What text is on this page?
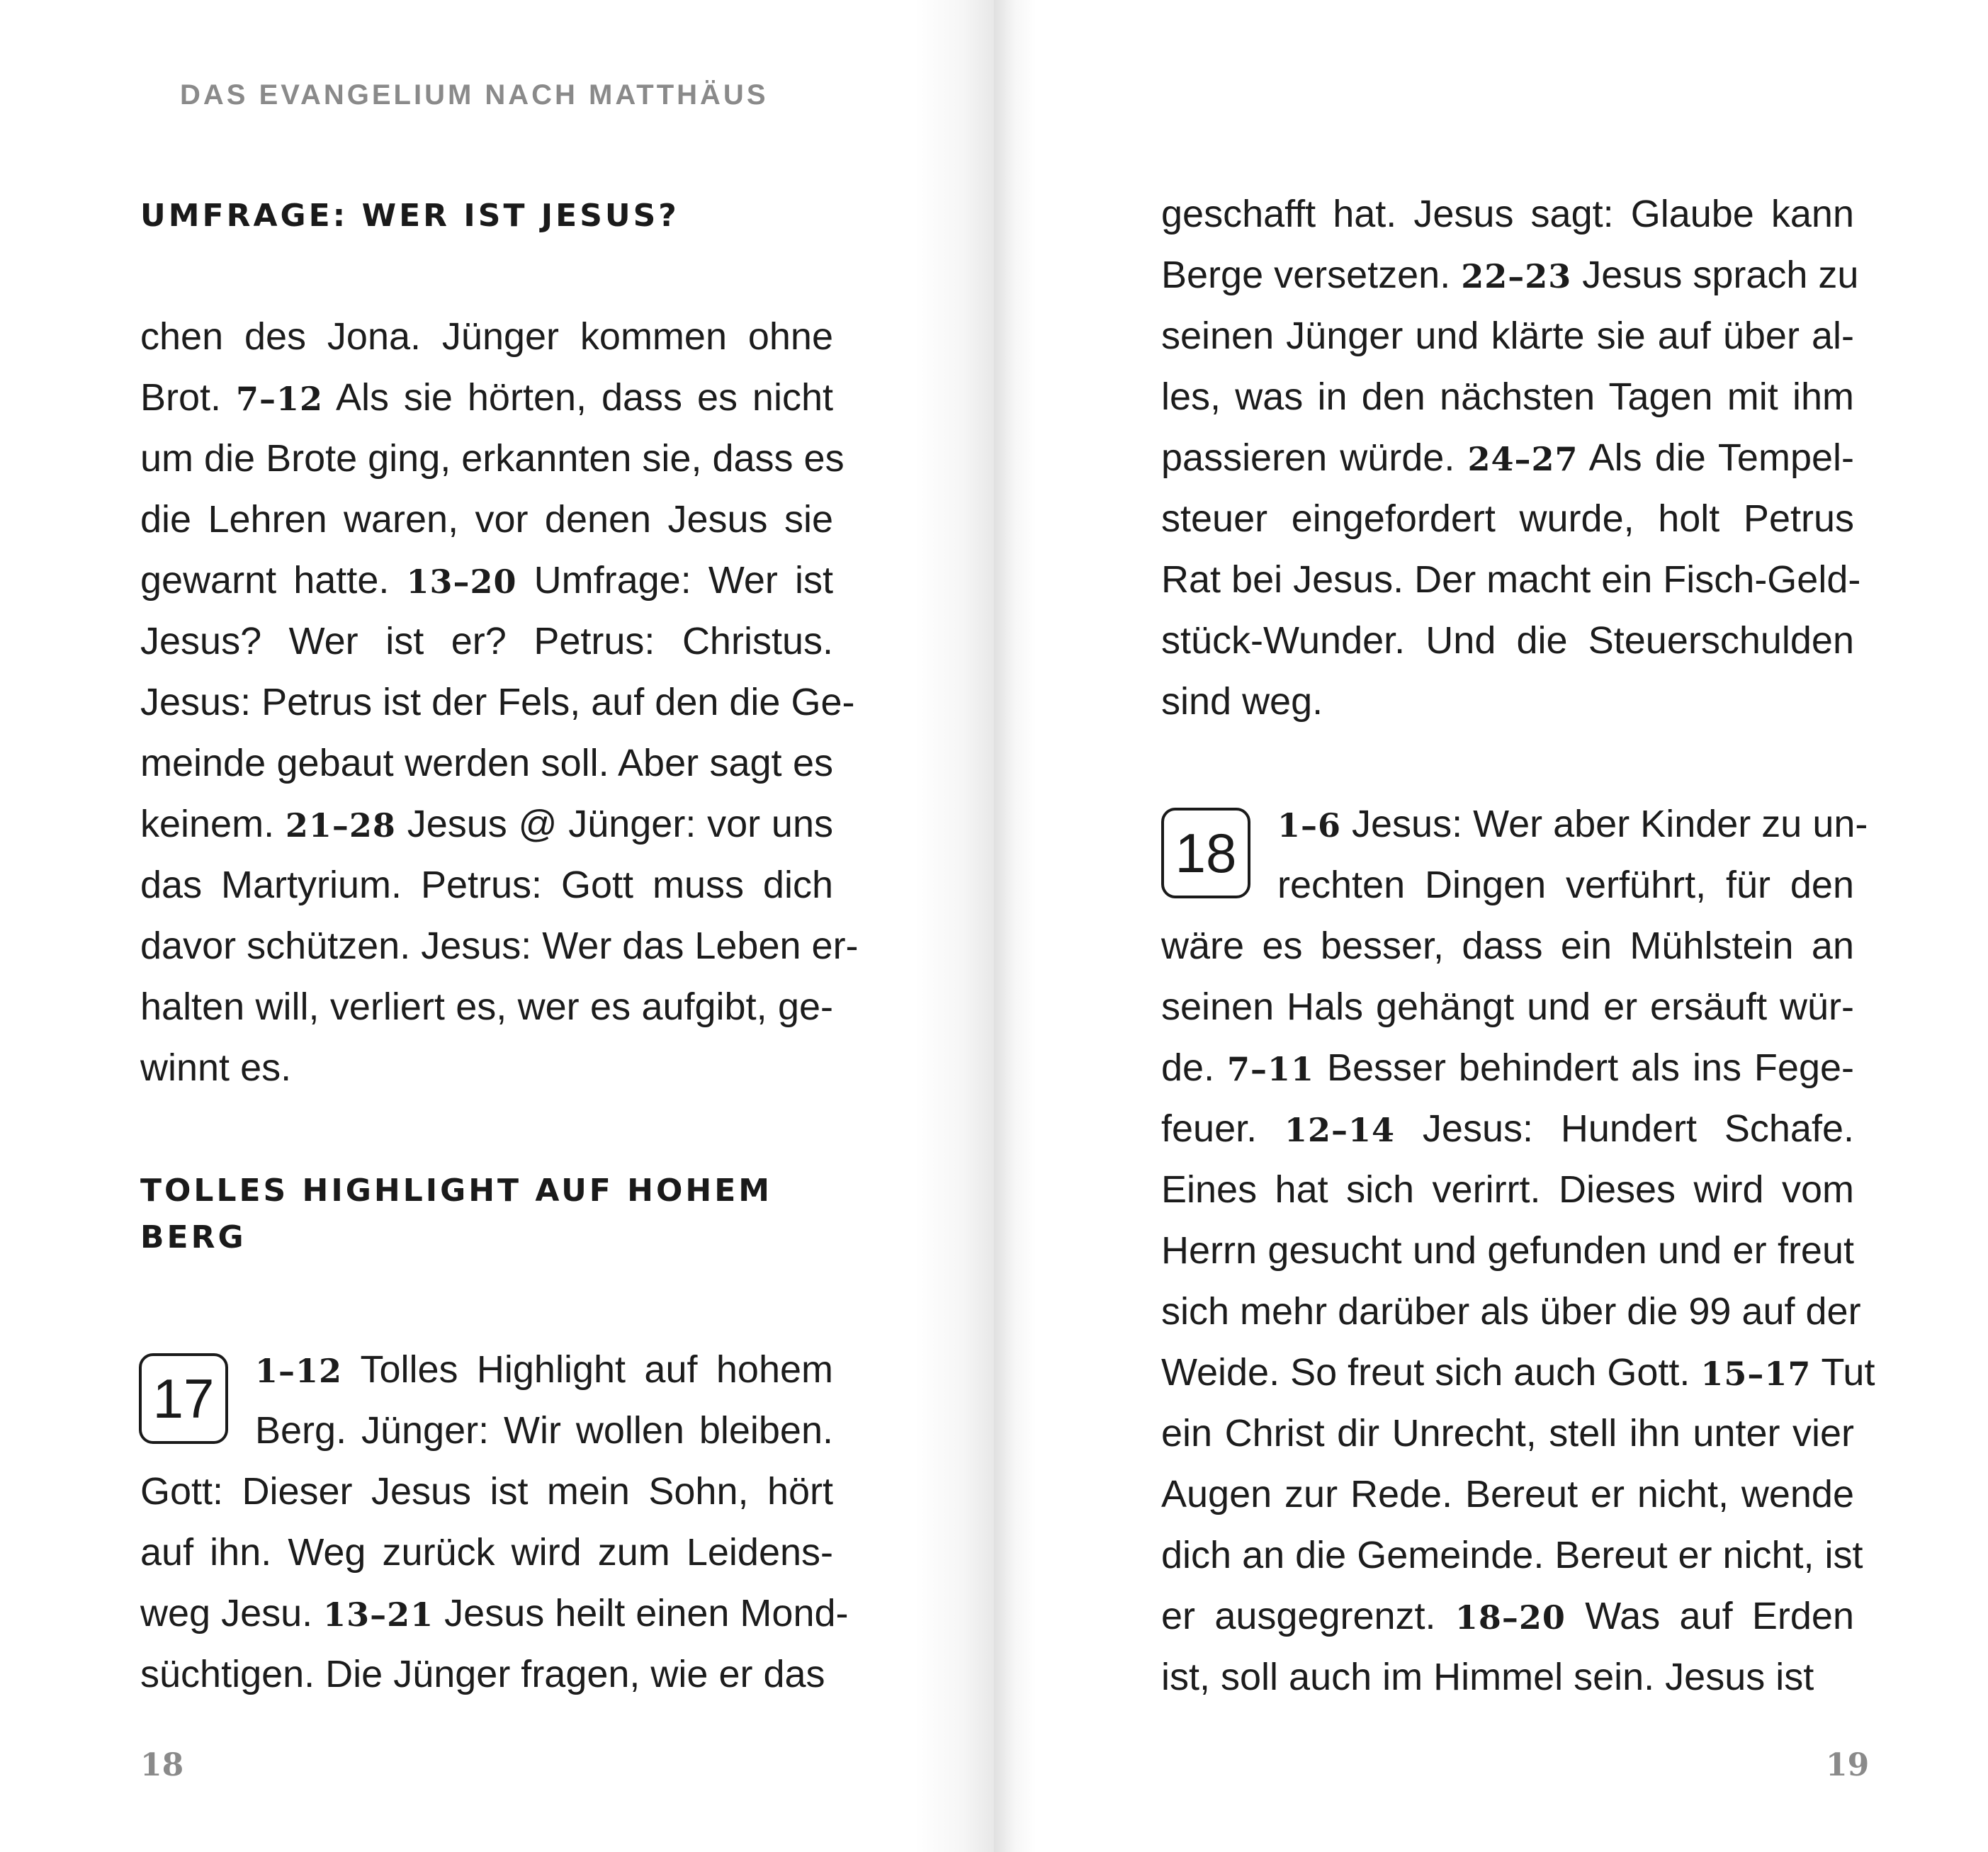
DAS EVANGELIUM NACH MATTHÄUS
UMFRAGE: WER IST JESUS?
chen des Jona. Jünger kommen ohne
Brot. 7–12 Als sie hörten, dass es nicht
um die Brote ging, erkannten sie, dass es
die Lehren waren, vor denen Jesus sie
gewarnt hatte. 13–20 Umfrage: Wer ist
Jesus? Wer ist er? Petrus: Christus.
Jesus: Petrus ist der Fels, auf den die Ge-
meinde gebaut werden soll. Aber sagt es
keinem. 21–28 Jesus @ Jünger: vor uns
das Martyrium. Petrus: Gott muss dich
davor schützen. Jesus: Wer das Leben er-
halten will, verliert es, wer es aufgibt, ge-
winnt es.
TOLLES HIGHLIGHT AUF HOHEM
BERG
17	1–12 Tolles Highlight auf hohem
Berg. Jünger: Wir wollen bleiben.
Gott: Dieser Jesus ist mein Sohn, hört
auf ihn. Weg zurück wird zum Leidens-
weg Jesu. 13–21 Jesus heilt einen Mond-
süchtigen. Die Jünger fragen, wie er das
18
geschafft hat. Jesus sagt: Glaube kann
Berge versetzen. 22–23 Jesus sprach zu
seinen Jünger und klärte sie auf über al-
les, was in den nächsten Tagen mit ihm
passieren würde. 24–27 Als die Tempel-
steuer eingefordert wurde, holt Petrus
Rat bei Jesus. Der macht ein Fisch-Geld-
stück-Wunder. Und die Steuerschulden
sind weg.
18	1–6 Jesus: Wer aber Kinder zu un-
rechten Dingen verführt, für den
wäre es besser, dass ein Mühlstein an
seinen Hals gehängt und er ersäuft wür-
de. 7–11 Besser behindert als ins Fege-
feuer. 12–14 Jesus: Hundert Schafe.
Eines hat sich verirrt. Dieses wird vom
Herrn gesucht und gefunden und er freut
sich mehr darüber als über die 99 auf der
Weide. So freut sich auch Gott. 15–17 Tut
ein Christ dir Unrecht, stell ihn unter vier
Augen zur Rede. Bereut er nicht, wende
dich an die Gemeinde. Bereut er nicht, ist
er ausgegrenzt. 18–20 Was auf Erden
ist, soll auch im Himmel sein. Jesus ist
19
